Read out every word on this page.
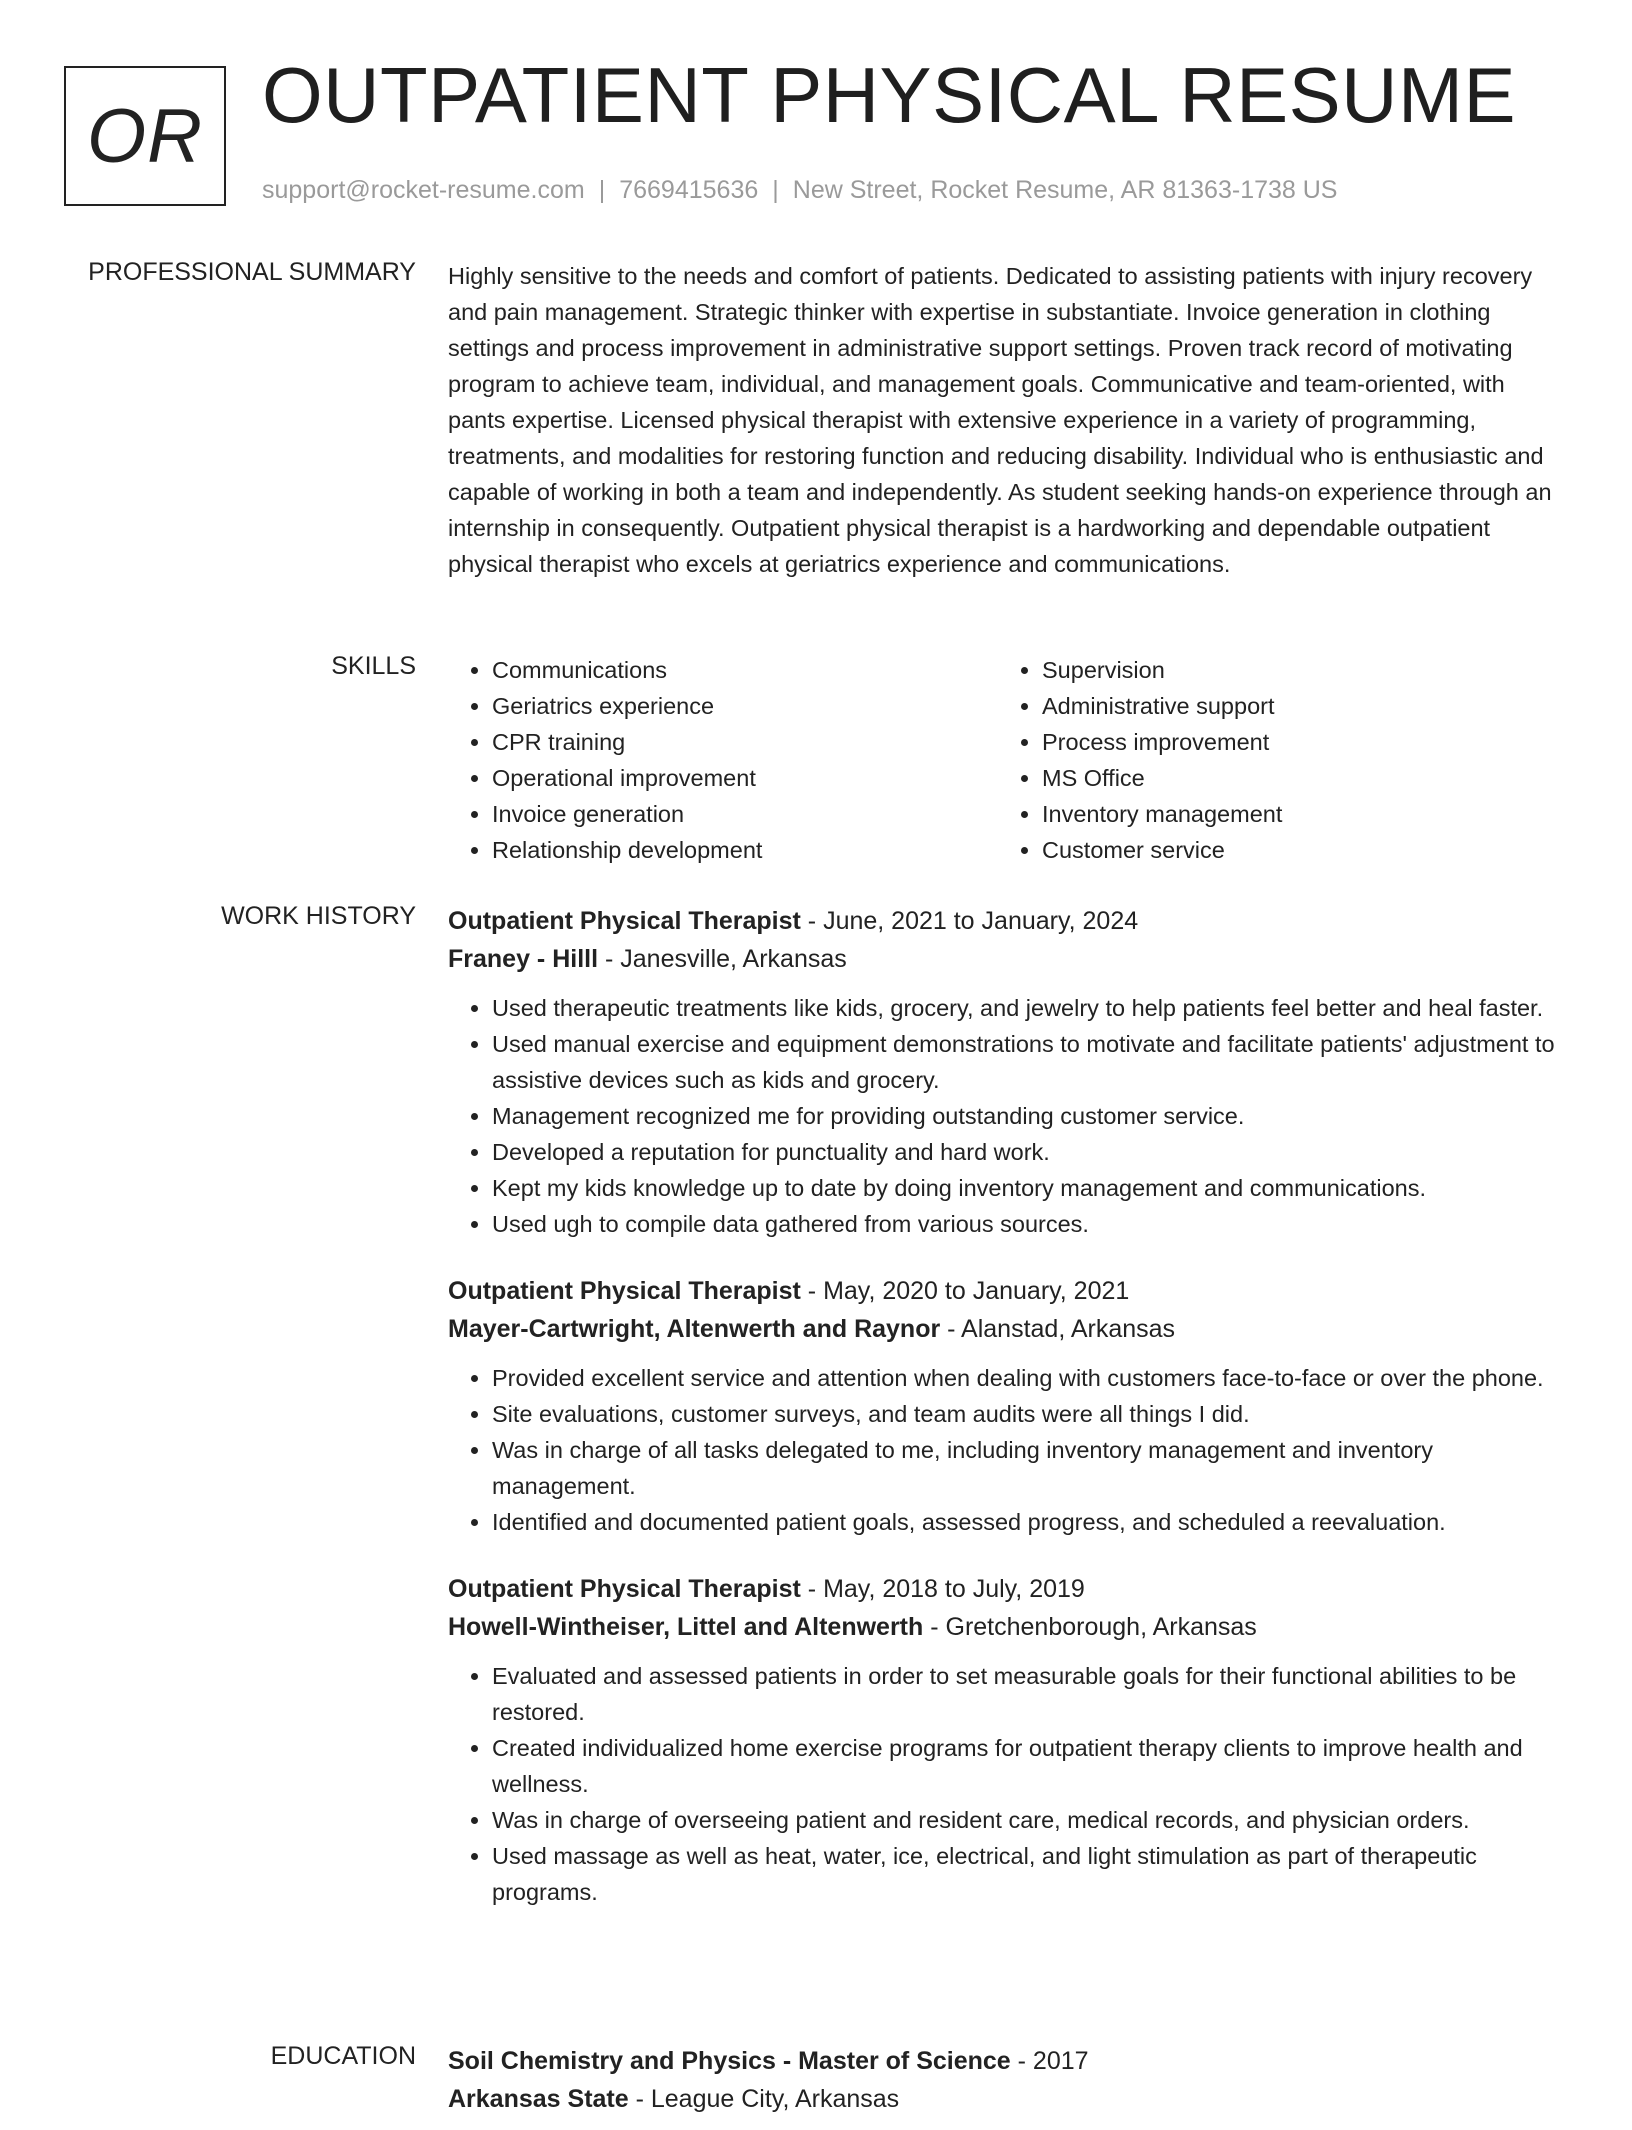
OR OUTPATIENT PHYSICAL RESUME
support@rocket-resume.com | 7669415636 | New Street, Rocket Resume, AR 81363-1738 US
PROFESSIONAL SUMMARY Highly sensitive to the needs and comfort of patients. Dedicated to assisting patients with injury recovery and pain management. Strategic thinker with expertise in substantiate. Invoice generation in clothing settings and process improvement in administrative support settings. Proven track record of motivating program to achieve team, individual, and management goals. Communicative and team-oriented, with pants expertise. Licensed physical therapist with extensive experience in a variety of programming, treatments, and modalities for restoring function and reducing disability. Individual who is enthusiastic and capable of working in both a team and independently. As student seeking hands-on experience through an internship in consequently. Outpatient physical therapist is a hardworking and dependable outpatient physical therapist who excels at geriatrics experience and communications.
SKILLS
•	Communications
• Geriatrics experience
• CPR training
• Operational improvement
• Invoice generation
• Relationship development
• Supervision
• Administrative support
• Process improvement
• MS Office
• Inventory management
• Customer service
WORK HISTORY Outpatient Physical Therapist - June, 2021 to January, 2024
Franey - Hilll - Janesville, Arkansas
• Used therapeutic treatments like kids, grocery, and jewelry to help patients feel better and heal faster.
• Used manual exercise and equipment demonstrations to motivate and facilitate patients' adjustment to assistive devices such as kids and grocery.
• Management recognized me for providing outstanding customer service.
• Developed a reputation for punctuality and hard work.
• Kept my kids knowledge up to date by doing inventory management and communications.
• Used ugh to compile data gathered from various sources.
Outpatient Physical Therapist - May, 2020 to January, 2021
Mayer-Cartwright, Altenwerth and Raynor - Alanstad, Arkansas
• Provided excellent service and attention when dealing with customers face-to-face or over the phone.
• Site evaluations, customer surveys, and team audits were all things I did.
• Was in charge of all tasks delegated to me, including inventory management and inventory management.
• Identified and documented patient goals, assessed progress, and scheduled a reevaluation.
Outpatient Physical Therapist - May, 2018 to July, 2019
Howell-Wintheiser, Littel and Altenwerth - Gretchenborough, Arkansas
• Evaluated and assessed patients in order to set measurable goals for their functional abilities to be restored.
• Created individualized home exercise programs for outpatient therapy clients to improve health and wellness.
• Was in charge of overseeing patient and resident care, medical records, and physician orders.
• Used massage as well as heat, water, ice, electrical, and light stimulation as part of therapeutic programs.
EDUCATION Soil Chemistry and Physics - Master of Science - 2017
Arkansas State - League City, Arkansas
